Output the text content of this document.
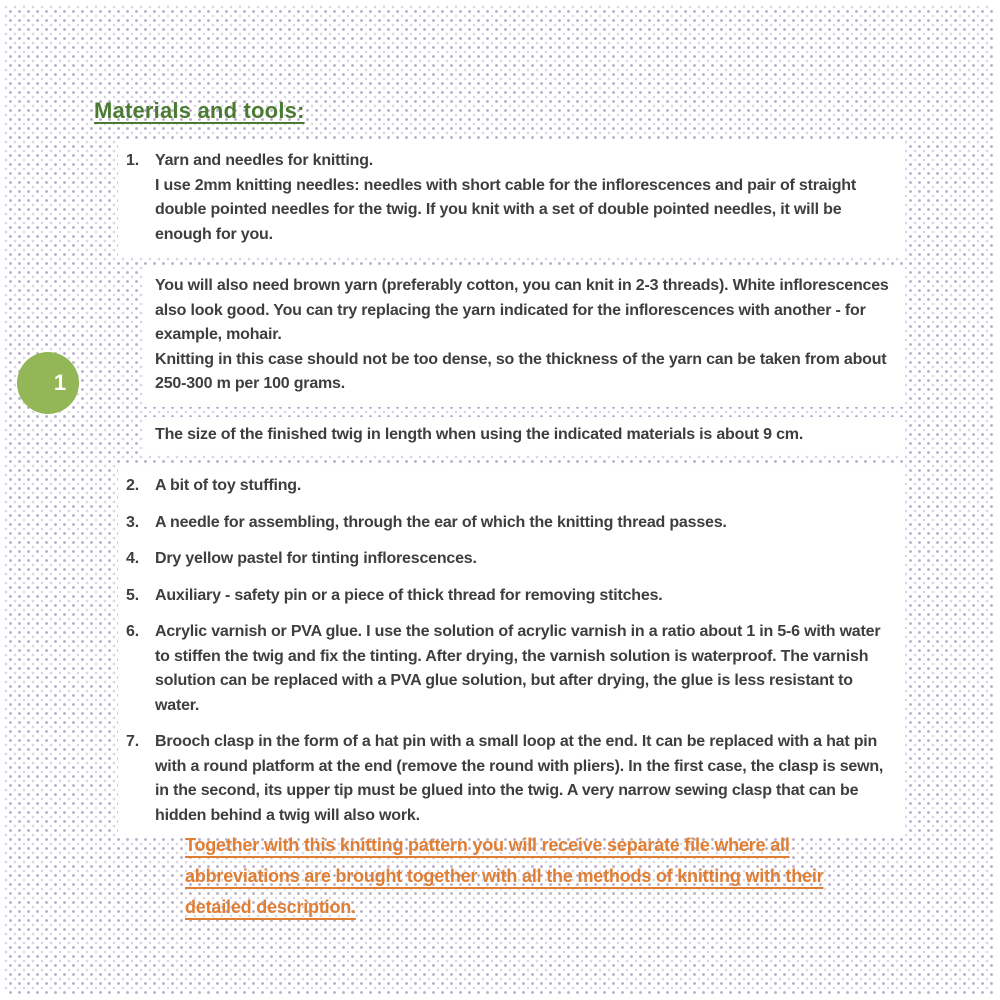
1
Materials and tools:
1.	Yarn and needles for knitting.
I use 2mm knitting needles: needles with short cable for the inflorescences and pair of straight double pointed needles for the twig. If you knit with a set of double pointed needles, it will be enough for you.
You will also need brown yarn (preferably cotton, you can knit in 2-3 threads). White inflorescences also look good. You can try replacing the yarn indicated for the inflorescences with another - for example, mohair.
Knitting in this case should not be too dense, so the thickness of the yarn can be taken from about 250-300 m per 100 grams.
The size of the finished twig in length when using the indicated materials is about 9 cm.
2.	A bit of toy stuffing.
3.	A needle for assembling, through the ear of which the knitting thread passes.
4.	Dry yellow pastel for tinting inflorescences.
5.	Auxiliary - safety pin or a piece of thick thread for removing stitches.
6.	Acrylic varnish or PVA glue. I use the solution of acrylic varnish in a ratio about 1 in 5-6 with water to stiffen the twig and fix the tinting. After drying, the varnish solution is waterproof. The varnish solution can be replaced with a PVA glue solution, but after drying, the glue is less resistant to water.
7.	Brooch clasp in the form of a hat pin with a small loop at the end. It can be replaced with a hat pin with a round platform at the end (remove the round with pliers). In the first case, the clasp is sewn, in the second, its upper tip must be glued into the twig. A very narrow sewing clasp that can be hidden behind a twig will also work.
Together with this knitting pattern you will receive separate file where all abbreviations are brought together with all the methods of knitting with their detailed description.
